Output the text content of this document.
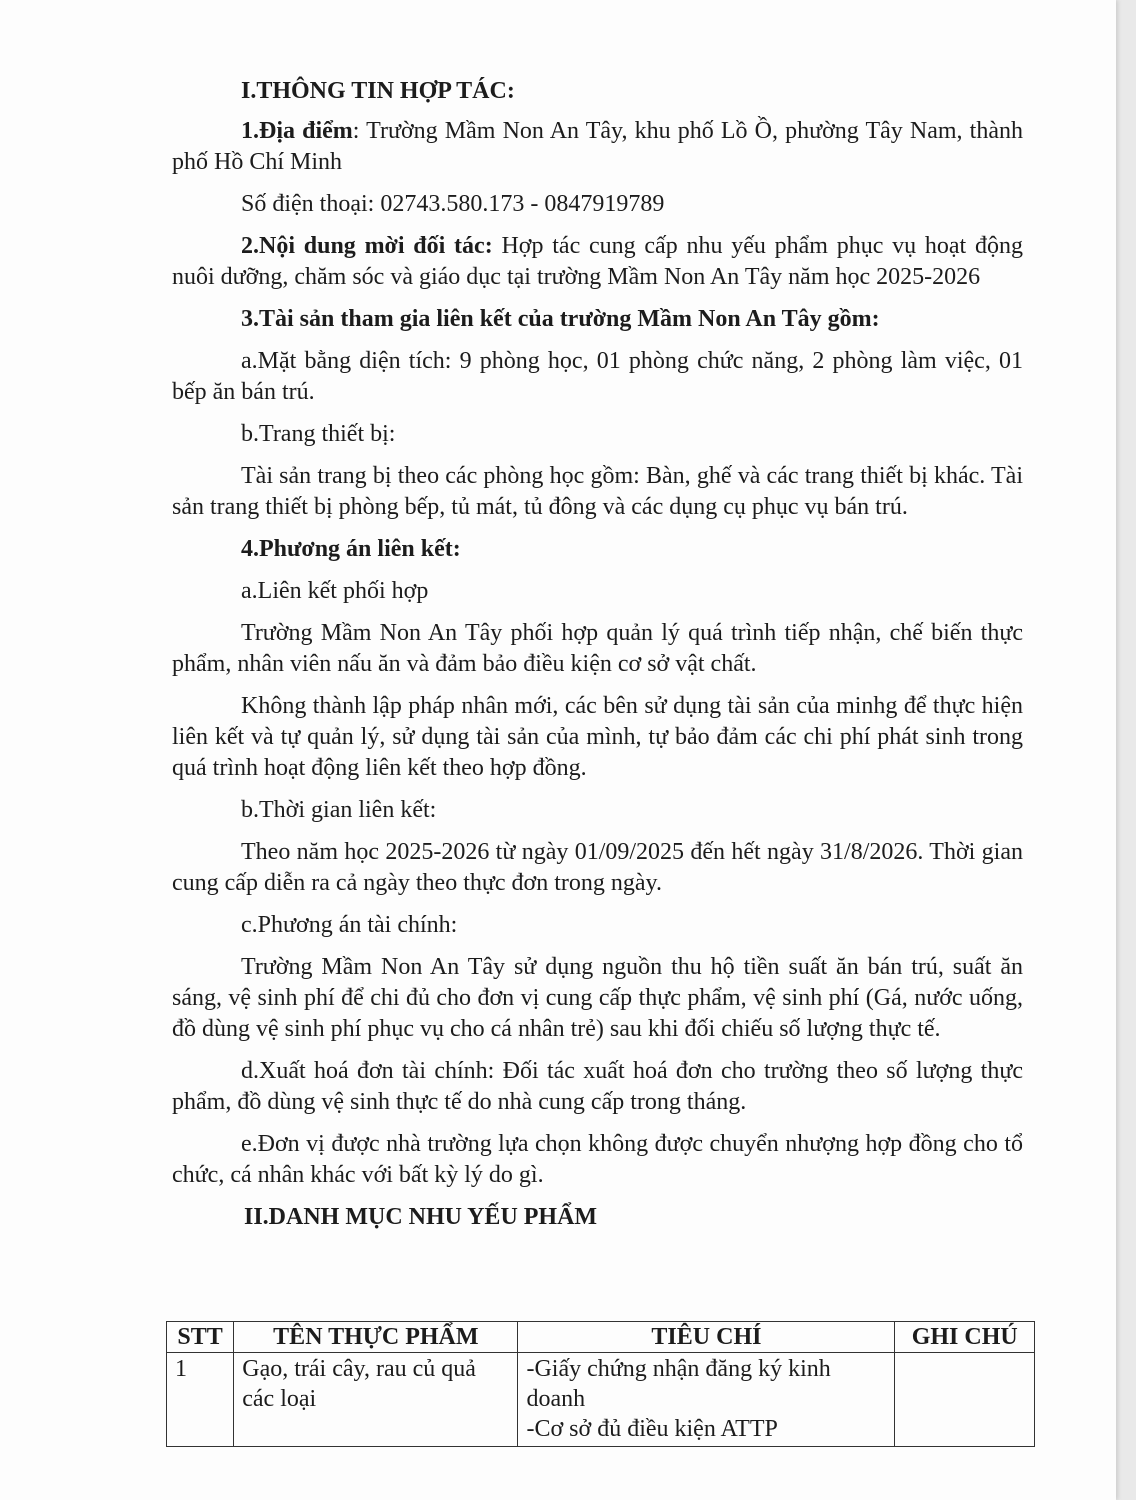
I.THÔNG TIN HỢP TÁC:

1.Địa điểm: Trường Mầm Non An Tây, khu phố Lồ Ồ, phường Tây Nam, thành phố Hồ Chí Minh

Số điện thoại: 02743.580.173 - 0847919789

2.Nội dung mời đối tác: Hợp tác cung cấp nhu yếu phẩm phục vụ hoạt động nuôi dưỡng, chăm sóc và giáo dục tại trường Mầm Non An Tây năm học 2025-2026

3.Tài sản tham gia liên kết của trường Mầm Non An Tây gồm:

a.Mặt bằng diện tích: 9 phòng học, 01 phòng chức năng, 2 phòng làm việc, 01 bếp ăn bán trú.

b.Trang thiết bị:

Tài sản trang bị theo các phòng học gồm: Bàn, ghế và các trang thiết bị khác. Tài sản trang thiết bị phòng bếp, tủ mát, tủ đông và các dụng cụ phục vụ bán trú.

4.Phương án liên kết:

a.Liên kết phối hợp

Trường Mầm Non An Tây phối hợp quản lý quá trình tiếp nhận, chế biến thực phẩm, nhân viên nấu ăn và đảm bảo điều kiện cơ sở vật chất.

Không thành lập pháp nhân mới, các bên sử dụng tài sản của minhg để thực hiện liên kết và tự quản lý, sử dụng tài sản của mình, tự bảo đảm các chi phí phát sinh trong quá trình hoạt động liên kết theo hợp đồng.

b.Thời gian liên kết:

Theo năm học 2025-2026 từ ngày 01/09/2025 đến hết ngày 31/8/2026. Thời gian cung cấp diễn ra cả ngày theo thực đơn trong ngày.

c.Phương án tài chính:

Trường Mầm Non An Tây sử dụng nguồn thu hộ tiền suất ăn bán trú, suất ăn sáng, vệ sinh phí để chi đủ cho đơn vị cung cấp thực phẩm, vệ sinh phí (Gá, nước uống, đồ dùng vệ sinh phí phục vụ cho cá nhân trẻ) sau khi đối chiếu số lượng thực tế.

d.Xuất hoá đơn tài chính: Đối tác xuất hoá đơn cho trường theo số lượng thực phẩm, đồ dùng vệ sinh thực tế do nhà cung cấp trong tháng.

e.Đơn vị được nhà trường lựa chọn không được chuyển nhượng hợp đồng cho tổ chức, cá nhân khác với bất kỳ lý do gì.

II.DANH MỤC NHU YẾU PHẨM

STT	TÊN THỰC PHẨM	TIÊU CHÍ	GHI CHÚ
1	Gạo, trái cây, rau củ quả các loại	-Giấy chứng nhận đăng ký kinh doanh
-Cơ sở đủ điều kiện ATTP	
